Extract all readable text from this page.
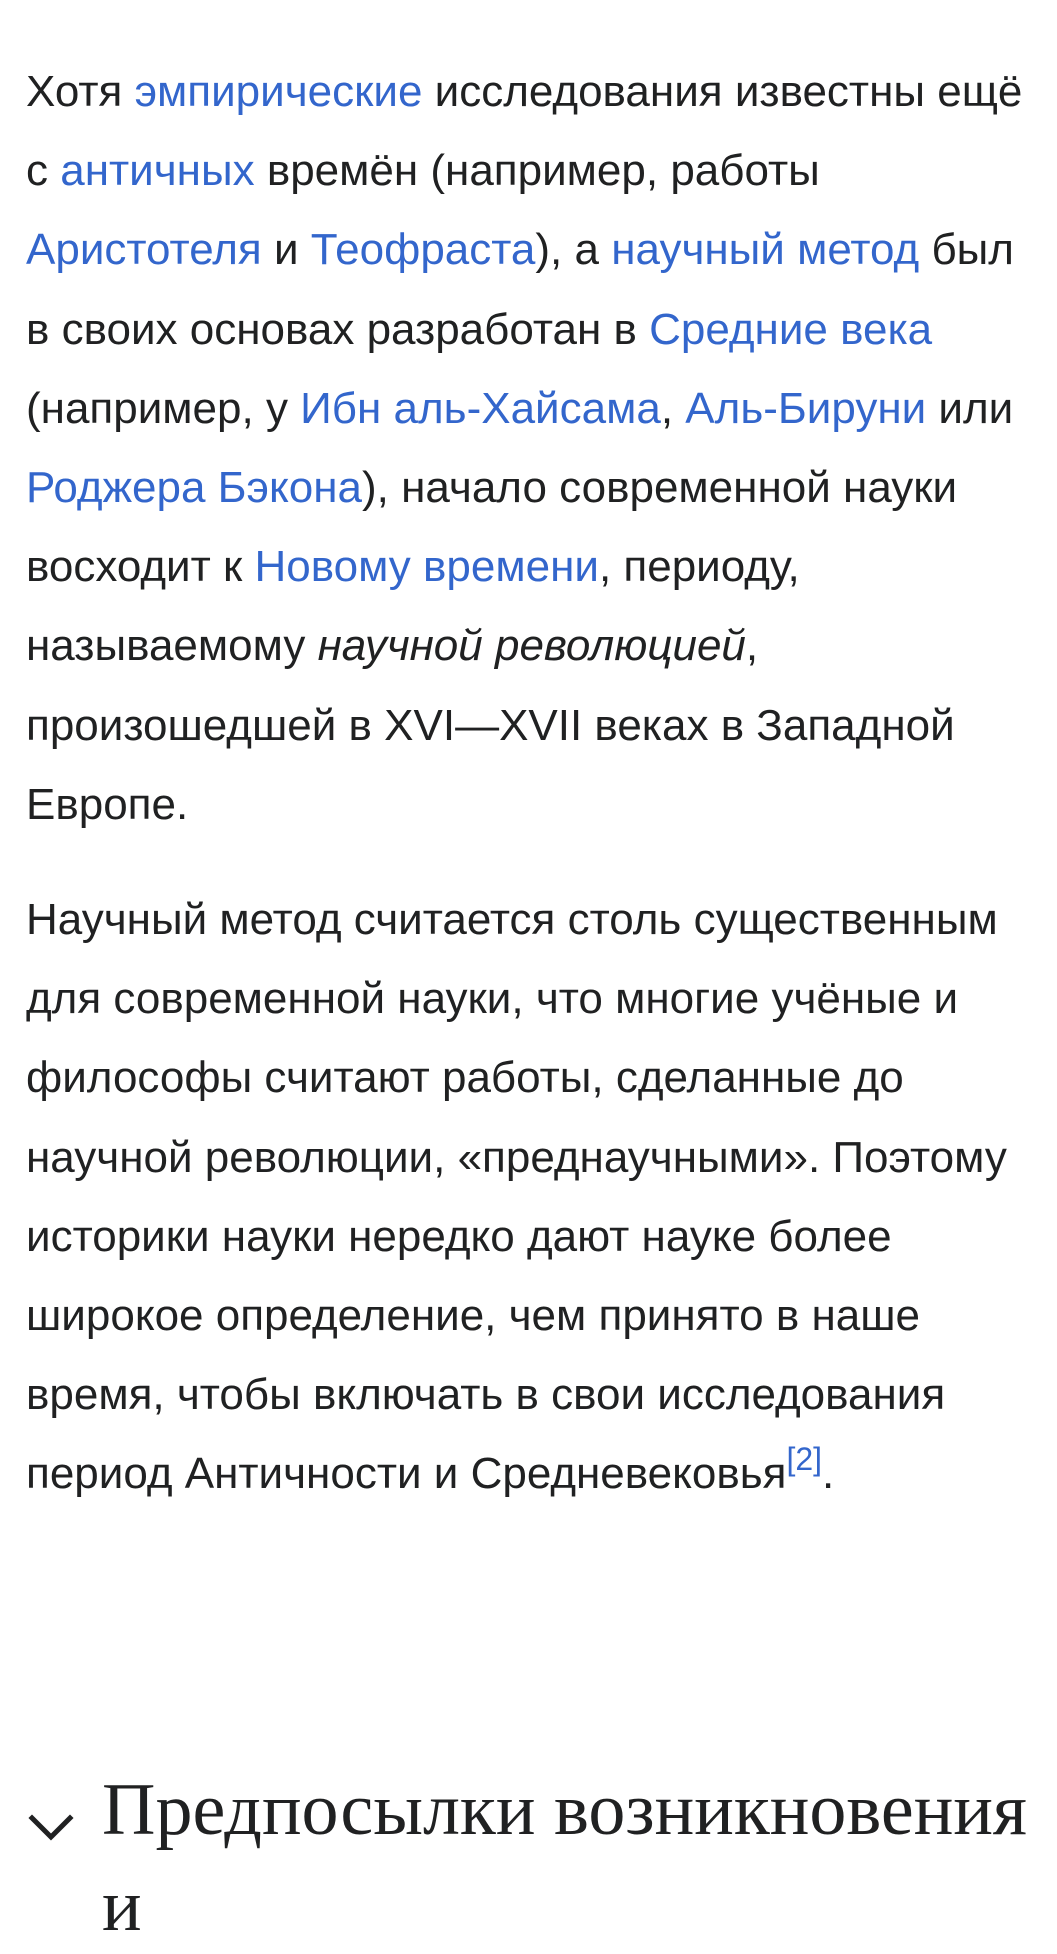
Хотя эмпирические исследования известны ещё с античных времён (например, работы Аристотеля и Теофраста), а научный метод был в своих основах разработан в Средние века (например, у Ибн аль-Хайсама, Аль-Бируни или Роджера Бэкона), начало современной науки восходит к Новому времени, периоду, называемому научной революцией, произошедшей в XVI—XVII веках в Западной Европе.

Научный метод считается столь существенным для современной науки, что многие учёные и философы считают работы, сделанные до научной революции, «преднаучными». Поэтому историки науки нередко дают науке более широкое определение, чем принято в наше время, чтобы включать в свои исследования период Античности и Средневековья[2].

Предпосылки возникновения и
